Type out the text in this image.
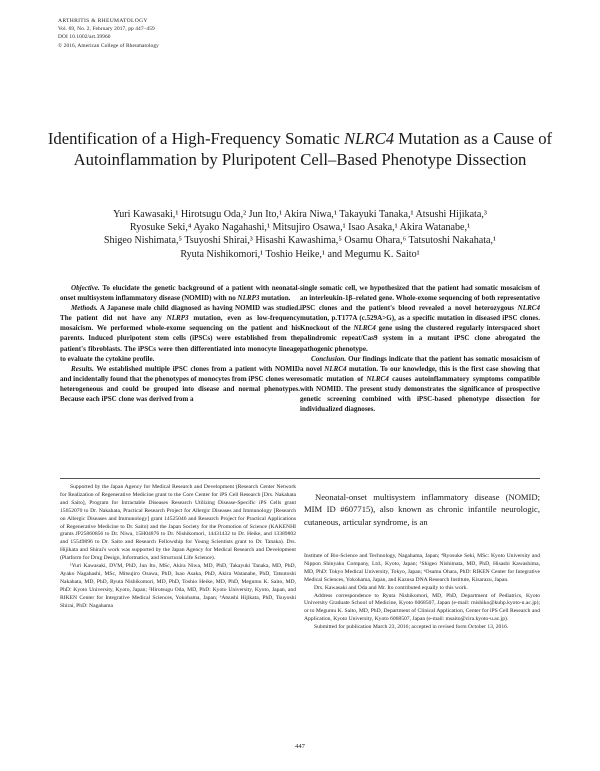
ARTHRITIS & RHEUMATOLOGY
Vol. 69, No. 2, February 2017, pp 447–459
DOI 10.1002/art.39960
© 2016, American College of Rheumatology
Identification of a High-Frequency Somatic NLRC4 Mutation as a Cause of Autoinflammation by Pluripotent Cell–Based Phenotype Dissection
Yuri Kawasaki,¹ Hirotsugu Oda,² Jun Ito,¹ Akira Niwa,¹ Takayuki Tanaka,¹ Atsushi Hijikata,³
Ryosuke Seki,⁴ Ayako Nagahashi,¹ Mitsujiro Osawa,¹ Isao Asaka,¹ Akira Watanabe,¹
Shigeo Nishimata,⁵ Tsuyoshi Shirai,³ Hisashi Kawashima,⁵ Osamu Ohara,⁶ Tatsutoshi Nakahata,¹
Ryuta Nishikomori,¹ Toshio Heike,¹ and Megumu K. Saito¹

Objective. To elucidate the genetic background of a patient with neonatal-onset multisystem inflammatory disease (NOMID) with no NLRP3 mutation.

Methods. A Japanese male child diagnosed as having NOMID was studied. The patient did not have any NLRP3 mutation, even as low-frequency mosaicism. We performed whole-exome sequencing on the patient and his parents. Induced pluripotent stem cells (iPSCs) were established from the patient's fibroblasts. The iPSCs were then differentiated into monocyte lineage to evaluate the cytokine profile.

Results. We established multiple iPSC clones from a patient with NOMID and incidentally found that the phenotypes of monocytes from iPSC clones were heterogeneous and could be grouped into disease and normal phenotypes. Because each iPSC clone was derived from a

single somatic cell, we hypothesized that the patient had somatic mosaicism of an interleukin-1β–related gene. Whole-exome sequencing of both representative iPSC clones and the patient's blood revealed a novel heterozygous NLRC4 mutation, p.T177A (c.529A>G), as a specific mutation in diseased iPSC clones. Knockout of the NLRC4 gene using the clustered regularly interspaced short palindromic repeat/Cas9 system in a mutant iPSC clone abrogated the pathogenic phenotype.

Conclusion. Our findings indicate that the patient has somatic mosaicism of a novel NLRC4 mutation. To our knowledge, this is the first case showing that somatic mutation of NLRC4 causes autoinflammatory symptoms compatible with NOMID. The present study demonstrates the significance of prospective genetic screening combined with iPSC-based phenotype dissection for individualized diagnoses.

Supported by the Japan Agency for Medical Research and Development (Research Center Network for Realization of Regenerative Medicine grant to the Core Center for iPS Cell Research [Drs. Nakahata and Saito], Program for Intractable Diseases Research Utilizing Disease-Specific iPS Cells grant 15652070 to Dr. Nakahata, Practical Research Project for Allergic Diseases and Immunology [Research on Allergic Diseases and Immunology] grant 14525046 and Research Project for Practical Applications of Regenerative Medicine to Dr. Saito) and the Japan Society for the Promotion of Science (KAKENHI grants JP25860856 to Dr. Niwa, 15H04876 to Dr. Nishikomori, 14431432 to Dr. Heike, and 13389802 and 15549896 to Dr. Saito and Research Fellowship for Young Scientists grant to Dr. Tanaka). Drs. Hijikata and Shirai's work was supported by the Japan Agency for Medical Research and Development (Platform for Drug Design, Informatics, and Structural Life Science).

¹Yuri Kawasaki, DVM, PhD, Jun Ito, MSc, Akira Niwa, MD, PhD, Takayuki Tanaka, MD, PhD, Ayako Nagahashi, MSc, Mitsujiro Osawa, PhD, Isao Asaka, PhD, Akira Watanabe, PhD, Tatsutoshi Nakahata, MD, PhD, Ryuta Nishikomori, MD, PhD, Toshio Heike, MD, PhD, Megumu K. Saito, MD, PhD: Kyoto University, Kyoto, Japan; ²Hirotsugu Oda, MD, PhD: Kyoto University, Kyoto, Japan, and RIKEN Center for Integrative Medical Sciences, Yokohama, Japan; ³Atsushi Hijikata, PhD, Tsuyoshi Shirai, PhD: Nagahama

Neonatal-onset multisystem inflammatory disease (NOMID; MIM ID #607715), also known as chronic infantile neurologic, cutaneous, articular syndrome, is an

Institute of Bio-Science and Technology, Nagahama, Japan; ⁴Ryosuke Seki, MSc: Kyoto University and Nippon Shinyaku Company, Ltd., Kyoto, Japan; ⁵Shigeo Nishimata, MD, PhD, Hisashi Kawashima, MD, PhD: Tokyo Medical University, Tokyo, Japan; ⁶Osamu Ohara, PhD: RIKEN Center for Integrative Medical Sciences, Yokohama, Japan, and Kazusa DNA Research Institute, Kisarazu, Japan.

Drs. Kawasaki and Oda and Mr. Ito contributed equally to this work.

Address correspondence to Ryuta Nishikomori, MD, PhD, Department of Pediatrics, Kyoto University Graduate School of Medicine, Kyoto 6068507, Japan (e-mail: rnishiko@kuhp.kyoto-u.ac.jp); or to Megumu K. Saito, MD, PhD, Department of Clinical Application, Center for iPS Cell Research and Application, Kyoto University, Kyoto 6068507, Japan (e-mail: msaito@cira.kyoto-u.ac.jp).

Submitted for publication March 23, 2016; accepted in revised form October 13, 2016.

447
